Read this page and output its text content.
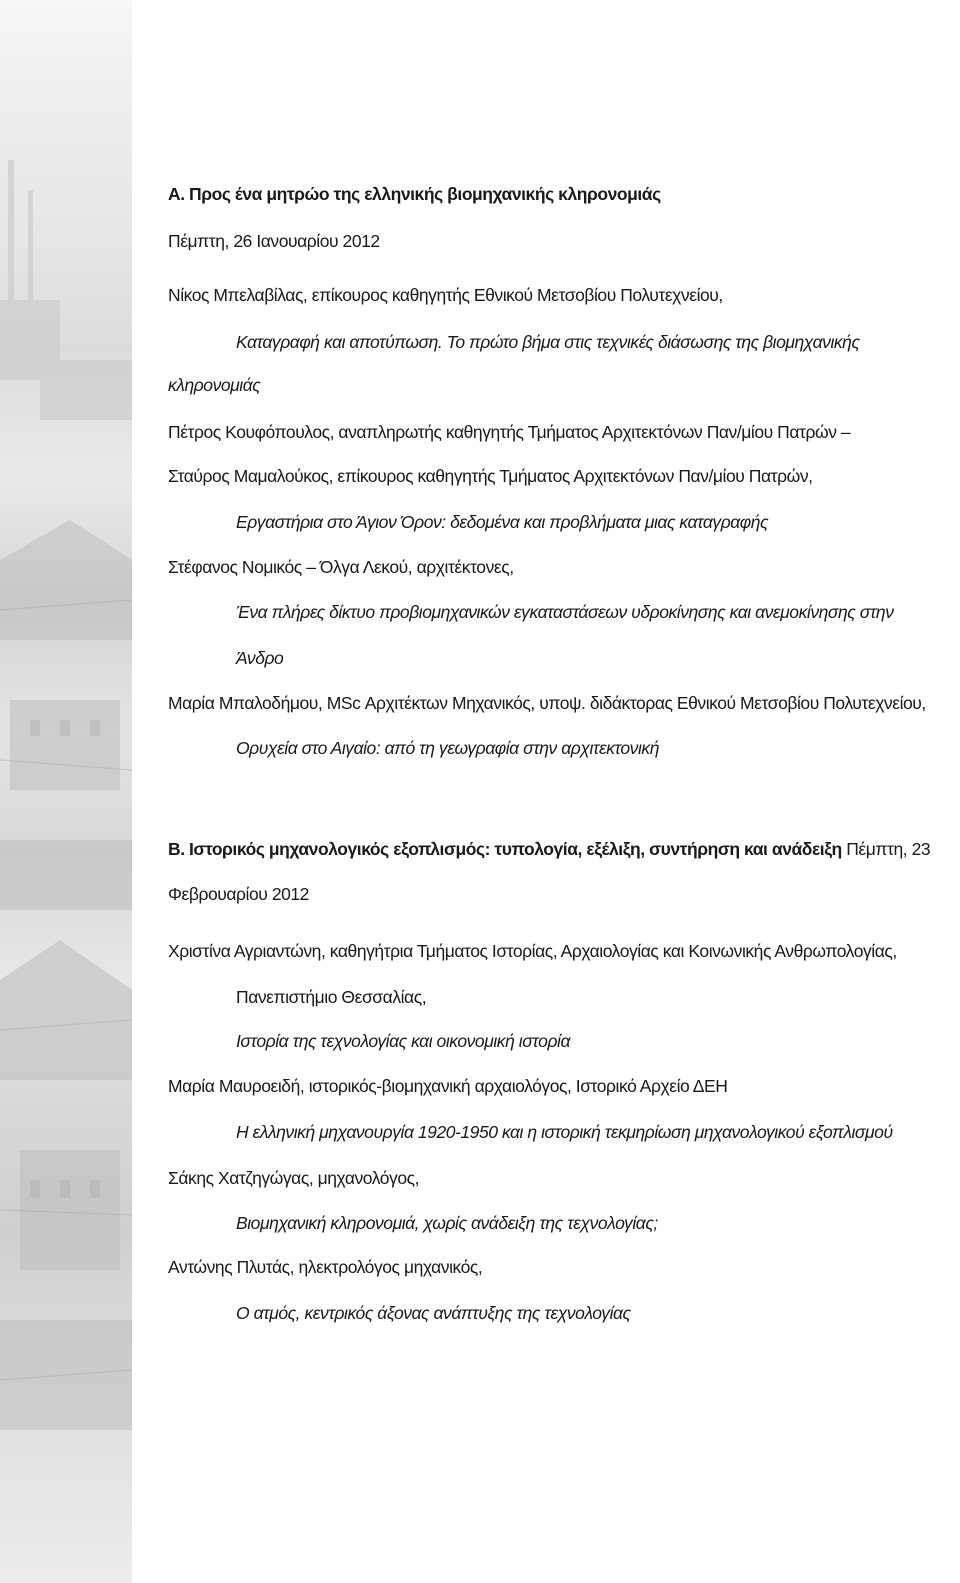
Α. Προς ένα μητρώο της ελληνικής βιομηχανικής κληρονομιάς
Πέμπτη, 26 Ιανουαρίου 2012
Νίκος Μπελαβίλας, επίκουρος καθηγητής Εθνικού Μετσοβίου Πολυτεχνείου,
Καταγραφή και αποτύπωση. Το πρώτο βήμα στις τεχνικές διάσωσης της βιομηχανικής
κληρονομιάς
Πέτρος Κουφόπουλος, αναπληρωτής καθηγητής Τμήματος Αρχιτεκτόνων Παν/μίου Πατρών –
Σταύρος Μαμαλούκος, επίκουρος καθηγητής Τμήματος Αρχιτεκτόνων Παν/μίου Πατρών,
Εργαστήρια στο Άγιον Όρον: δεδομένα και προβλήματα μιας καταγραφής
Στέφανος Νομικός – Όλγα Λεκού, αρχιτέκτονες,
Ένα πλήρες δίκτυο προβιομηχανικών εγκαταστάσεων υδροκίνησης και ανεμοκίνησης στην
Άνδρο
Μαρία Μπαλοδήμου, MSc Αρχιτέκτων Μηχανικός, υποψ. διδάκτορας Εθνικού Μετσοβίου Πολυτεχνείου,
Ορυχεία στο Αιγαίο: από τη γεωγραφία στην αρχιτεκτονική
Β. Ιστορικός μηχανολογικός εξοπλισμός: τυπολογία, εξέλιξη, συντήρηση και ανάδειξη Πέμπτη, 23
Φεβρουαρίου 2012
Χριστίνα Αγριαντώνη, καθηγήτρια Τμήματος Ιστορίας, Αρχαιολογίας και Κοινωνικής Ανθρωπολογίας,
Πανεπιστήμιο Θεσσαλίας,
Ιστορία της τεχνολογίας και οικονομική ιστορία
Μαρία Μαυροειδή, ιστορικός-βιομηχανική αρχαιολόγος, Ιστορικό Αρχείο ΔΕΗ
Η ελληνική μηχανουργία 1920-1950 και η ιστορική τεκμηρίωση μηχανολογικού εξοπλισμού
Σάκης Χατζηγώγας, μηχανολόγος,
Βιομηχανική κληρονομιά, χωρίς ανάδειξη της τεχνολογίας;
Αντώνης Πλυτάς, ηλεκτρολόγος μηχανικός,
Ο ατμός, κεντρικός άξονας ανάπτυξης της τεχνολογίας
